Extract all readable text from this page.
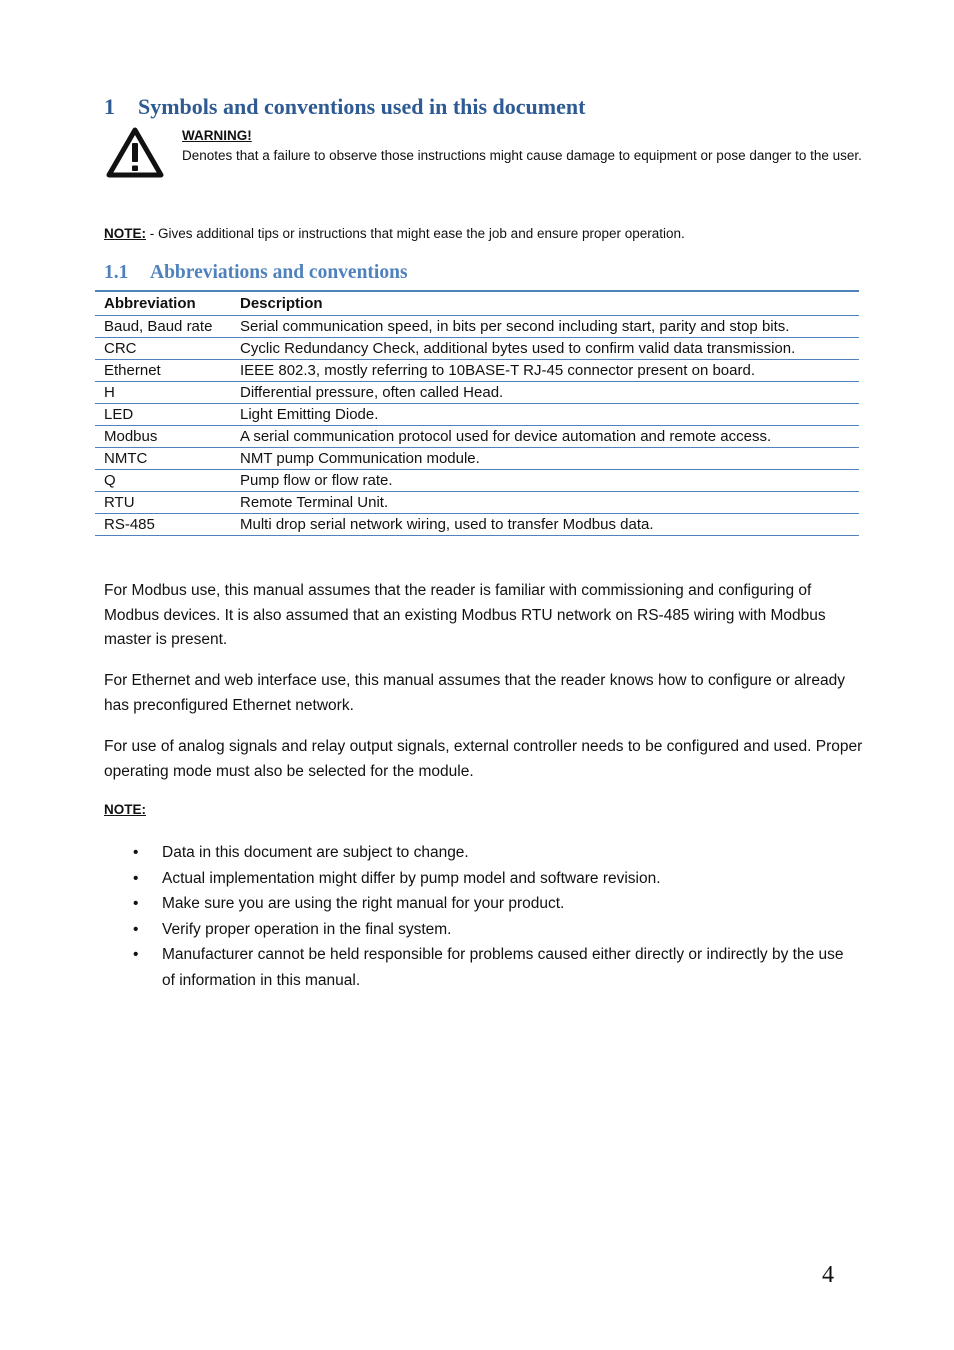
1 Symbols and conventions used in this document
WARNING!
Denotes that a failure to observe those instructions might cause damage to equipment or pose danger to the user.
NOTE: - Gives additional tips or instructions that might ease the job and ensure proper operation.
1.1 Abbreviations and conventions
Abbreviation	Description
Baud, Baud rate	Serial communication speed, in bits per second including start, parity and stop bits.
CRC	Cyclic Redundancy Check, additional bytes used to confirm valid data transmission.
Ethernet	IEEE 802.3, mostly referring to 10BASE-T RJ-45 connector present on board.
H	Differential pressure, often called Head.
LED	Light Emitting Diode.
Modbus	A serial communication protocol used for device automation and remote access.
NMTC	NMT pump Communication module.
Q	Pump flow or flow rate.
RTU	Remote Terminal Unit.
RS-485	Multi drop serial network wiring, used to transfer Modbus data.

For Modbus use, this manual assumes that the reader is familiar with commissioning and configuring of Modbus devices. It is also assumed that an existing Modbus RTU network on RS-485 wiring with Modbus master is present.

For Ethernet and web interface use, this manual assumes that the reader knows how to configure or already has preconfigured Ethernet network.

For use of analog signals and relay output signals, external controller needs to be configured and used. Proper operating mode must also be selected for the module.

NOTE:
• Data in this document are subject to change.
• Actual implementation might differ by pump model and software revision.
• Make sure you are using the right manual for your product.
• Verify proper operation in the final system.
• Manufacturer cannot be held responsible for problems caused either directly or indirectly by the use of information in this manual.
4
